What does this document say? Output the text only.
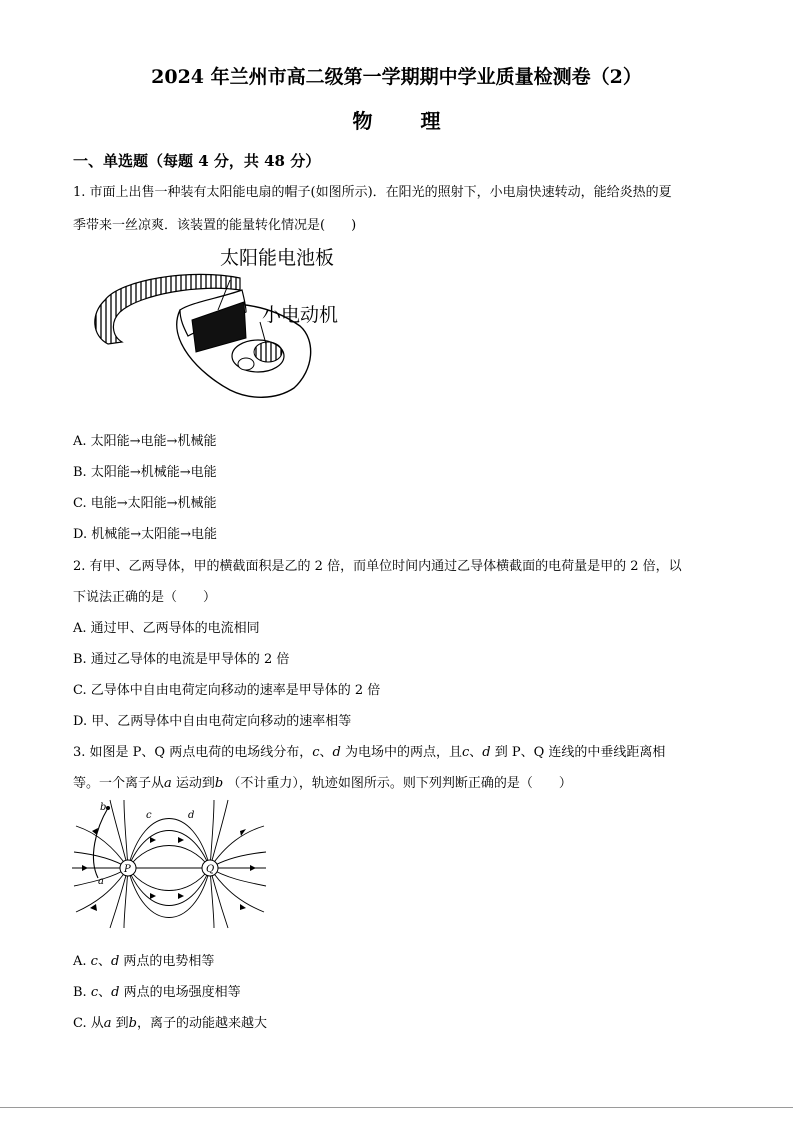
2024 年兰州市高二级第一学期期中学业质量检测卷（2）
物 理
一、单选题（每题 4 分，共 48 分）
1. 市面上出售一种装有太阳能电扇的帽子(如图所示)．在阳光的照射下，小电扇快速转动，能给炎热的夏
季带来一丝凉爽．该装置的能量转化情况是(　　)
太阳能电池板
小电动机
A. 太阳能→电能→机械能
B. 太阳能→机械能→电能
C. 电能→太阳能→机械能
D. 机械能→太阳能→电能
2. 有甲、乙两导体，甲的横截面积是乙的 2 倍，而单位时间内通过乙导体横截面的电荷量是甲的 2 倍，以
下说法正确的是（　　）
A. 通过甲、乙两导体的电流相同
B. 通过乙导体的电流是甲导体的 2 倍
C. 乙导体中自由电荷定向移动的速率是甲导体的 2 倍
D. 甲、乙两导体中自由电荷定向移动的速率相等
3. 如图是 P、Q 两点电荷的电场线分布，c、d 为电场中的两点，且c、d 到 P、Q 连线的中垂线距离相
等。一个离子从a 运动到b （不计重力），轨迹如图所示。则下列判断正确的是（　　）
P	Q
b
c	d
a
A. c、d 两点的电势相等
B. c、d 两点的电场强度相等
C. 从a 到b，离子的动能越来越大
